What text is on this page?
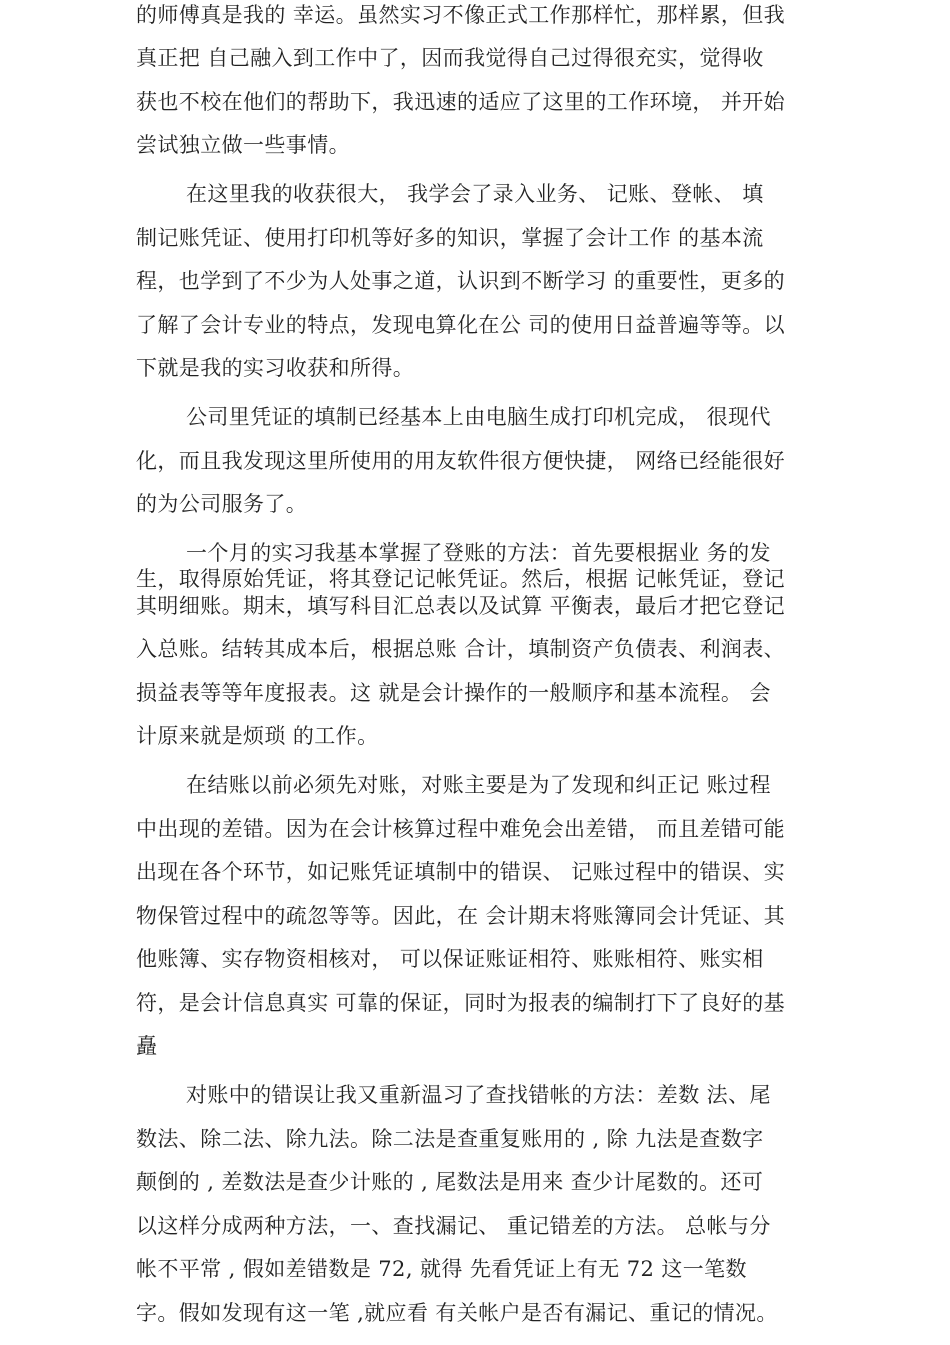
的师傅真是我的 幸运。虽然实习不像正式工作那样忙，那样累，但我
真正把 自己融入到工作中了，因而我觉得自己过得很充实，觉得收
获也不校在他们的帮助下，我迅速的适应了这里的工作环境， 并开始
尝试独立做一些事情。
在这里我的收获很大， 我学会了录入业务、 记账、登帐、 填
制记账凭证、使用打印机等好多的知识，掌握了会计工作 的基本流
程，也学到了不少为人处事之道，认识到不断学习 的重要性，更多的
了解了会计专业的特点，发现电算化在公 司的使用日益普遍等等。以
下就是我的实习收获和所得。
公司里凭证的填制已经基本上由电脑生成打印机完成， 很现代
化，而且我发现这里所使用的用友软件很方便快捷， 网络已经能很好
的为公司服务了。
一个月的实习我基本掌握了登账的方法：首先要根据业 务的发
生，取得原始凭证，将其登记记帐凭证。然后，根据 记帐凭证，登记
其明细账。期末，填写科目汇总表以及试算 平衡表，最后才把它登记
入总账。结转其成本后，根据总账 合计，填制资产负债表、利润表、
损益表等等年度报表。这 就是会计操作的一般顺序和基本流程。 会
计原来就是烦琐 的工作。
在结账以前必须先对账，对账主要是为了发现和纠正记 账过程
中出现的差错。因为在会计核算过程中难免会出差错， 而且差错可能
出现在各个环节，如记账凭证填制中的错误、 记账过程中的错误、实
物保管过程中的疏忽等等。因此，在 会计期末将账簿同会计凭证、其
他账簿、实存物资相核对， 可以保证账证相符、账账相符、账实相
符，是会计信息真实 可靠的保证，同时为报表的编制打下了良好的基
矗
对账中的错误让我又重新温习了查找错帐的方法：差数 法、尾
数法、除二法、除九法。除二法是查重复账用的 , 除 九法是查数字
颠倒的 , 差数法是查少计账的 , 尾数法是用来 查少计尾数的。还可
以这样分成两种方法，一、查找漏记、 重记错差的方法。 总帐与分
帐不平常 , 假如差错数是 72, 就得 先看凭证上有无 72 这一笔数
字。假如发现有这一笔 ,就应看 有关帐户是否有漏记、重记的情况。
